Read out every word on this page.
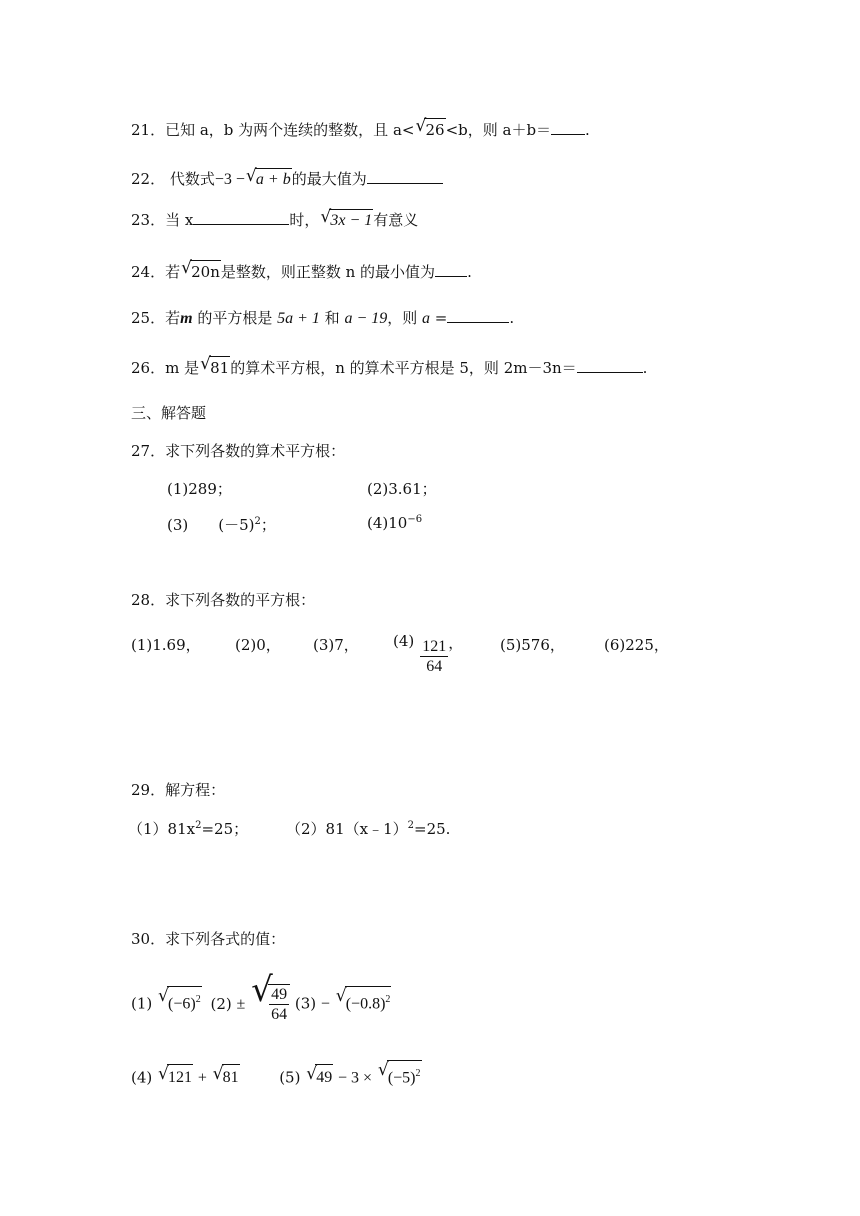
21．已知 a，b 为两个连续的整数，且 a< √ 26<b，则 a＋b＝ .
22． 代数式−3 − √ a + b的最大值为
23．当 x	时， √ 3x − 1有意义
24．若 √ 20n是整数，则正整数 n 的最小值为 .
25．若m 的平方根是 5a + 1 和 a − 19，则 a =	.
26．m 是 √ 81的算术平方根，n 的算术平方根是 5，则 2m－3n＝	.
三、解答题
27．求下列各数的算术平方根：
(1)289；	(2)3.61；
(3) $(-5)^2$；	$(4)10^{-6}$
28．求下列各数的平方根：
(1)1.69， (2)0， (3)7， $(4) \frac{121}{64}$ ， (5)576，	(6)225，
29．解方程：
$(1)81x^2=25$；	（2）81（x﹣1）$^2$=25.
30．求下列各式的值：
(1) √ $(-6)^2$ (2) ± √
$\frac{49}{64} (3)$ − √ $(-0.8)^2$
(4) √ 121 + √ 81	(5) √ 49 − 3 × √ $(-5)^2$
